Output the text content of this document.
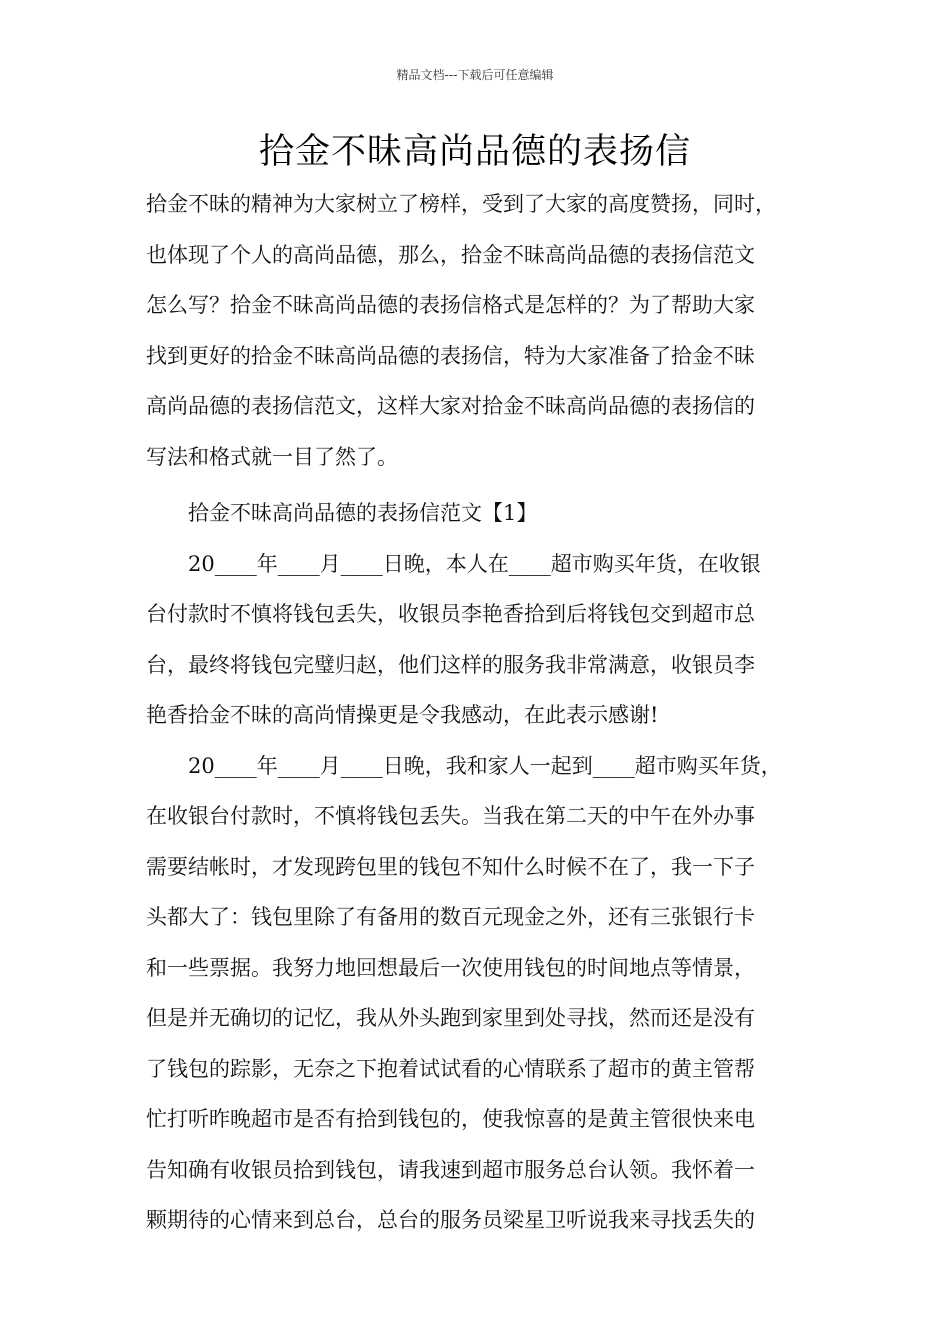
精品文档---下载后可任意编辑
拾金不昧高尚品德的表扬信
拾金不昧的精神为大家树立了榜样，受到了大家的高度赞扬，同时，
也体现了个人的高尚品德，那么，拾金不昧高尚品德的表扬信范文
怎么写？拾金不昧高尚品德的表扬信格式是怎样的？为了帮助大家
找到更好的拾金不昧高尚品德的表扬信，特为大家准备了拾金不昧
高尚品德的表扬信范文，这样大家对拾金不昧高尚品德的表扬信的
写法和格式就一目了然了。
拾金不昧高尚品德的表扬信范文【1】
20____年____月____日晚，本人在____超市购买年货，在收银
台付款时不慎将钱包丢失，收银员李艳香拾到后将钱包交到超市总
台，最终将钱包完璧归赵，他们这样的服务我非常满意，收银员李
艳香拾金不昧的高尚情操更是令我感动，在此表示感谢!
20____年____月____日晚，我和家人一起到____超市购买年货，
在收银台付款时，不慎将钱包丢失。当我在第二天的中午在外办事
需要结帐时，才发现跨包里的钱包不知什么时候不在了，我一下子
头都大了：钱包里除了有备用的数百元现金之外，还有三张银行卡
和一些票据。我努力地回想最后一次使用钱包的时间地点等情景，
但是并无确切的记忆，我从外头跑到家里到处寻找，然而还是没有
了钱包的踪影，无奈之下抱着试试看的心情联系了超市的黄主管帮
忙打听昨晚超市是否有拾到钱包的，使我惊喜的是黄主管很快来电
告知确有收银员拾到钱包，请我速到超市服务总台认领。我怀着一
颗期待的心情来到总台，总台的服务员梁星卫听说我来寻找丢失的
